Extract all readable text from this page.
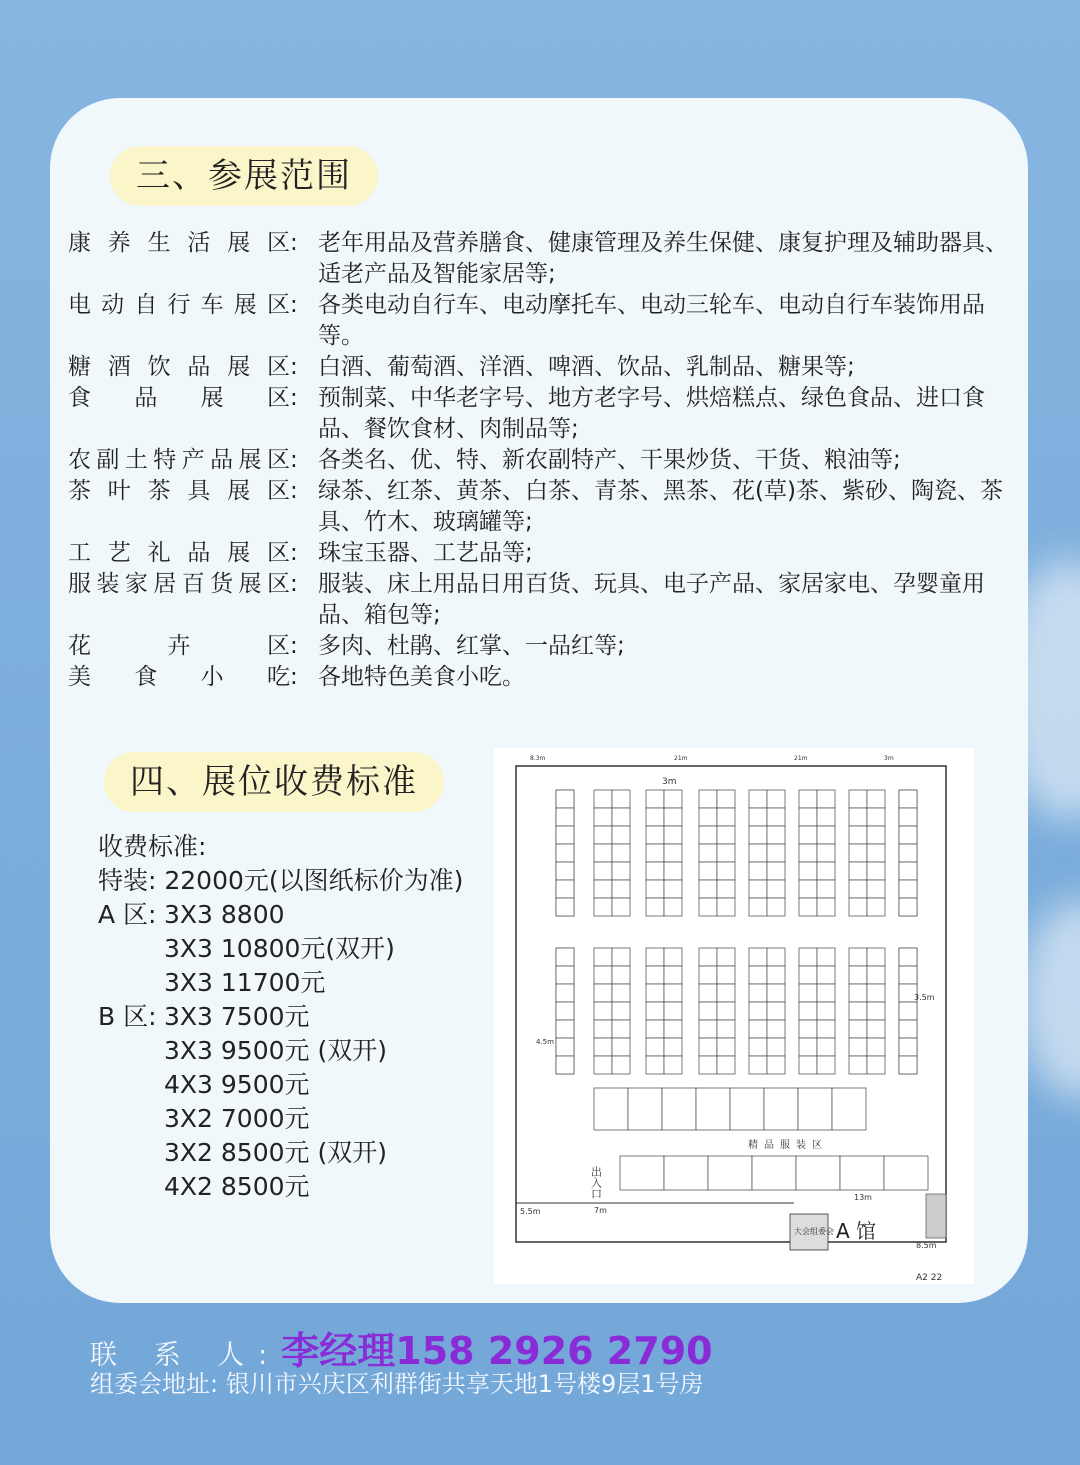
三、参展范围
康 养 生 活 展 区 : 老年用品及营养膳食、健康管理及养生保健、康复护理及辅助器具、适老产品及智能家居等;
电 动 自 行 车 展 区 : 各类电动自行车、电动摩托车、电动三轮车、电动自行车装饰用品等。
糖 酒 饮 品 展 区 : 白酒、葡萄酒、洋酒、啤酒、饮品、乳制品、糖果等;
食 品 展 区 : 预制菜、中华老字号、地方老字号、烘焙糕点、绿色食品、进口食品、餐饮食材、肉制品等;
农 副 土 特 产 品 展 区 : 各类名、优、特、新农副特产、干果炒货、干货、粮油等;
茶 叶 茶 具 展 区 : 绿茶、红茶、黄茶、白茶、青茶、黑茶、花(草)茶、紫砂、陶瓷、茶具、竹木、玻璃罐等;
工 艺 礼 品 展 区 : 珠宝玉器、工艺品等;
服 装 家 居 百 货 展 区 : 服装、床上用品日用百货、玩具、电子产品、家居家电、孕婴童用品、箱包等;
花	卉	区 : 多肉、杜鹃、红掌、一品红等;
美 食 小 吃 : 各地特色美食小吃。
四、展位收费标准
收费标准:
特装: 22000元(以图纸标价为准)
A 区: 3X3 8800
3X3 10800元(双开)
3X3 11700元
B 区: 3X3 7500元
3X3 9500元 (双开)
4X3 9500元
3X2 7000元
3X2 8500元 (双开)
4X2 8500元
8.3m	21m	21m	3m
3m
4.5m
5.5m
8.5m
13m
3.5m
7m
精品服装区
出入口
大会组委会 A 馆
A2 22
联 系 人:李经理158 2926 2790
组委会地址: 银川市兴庆区利群街共享天地1号楼9层1号房
